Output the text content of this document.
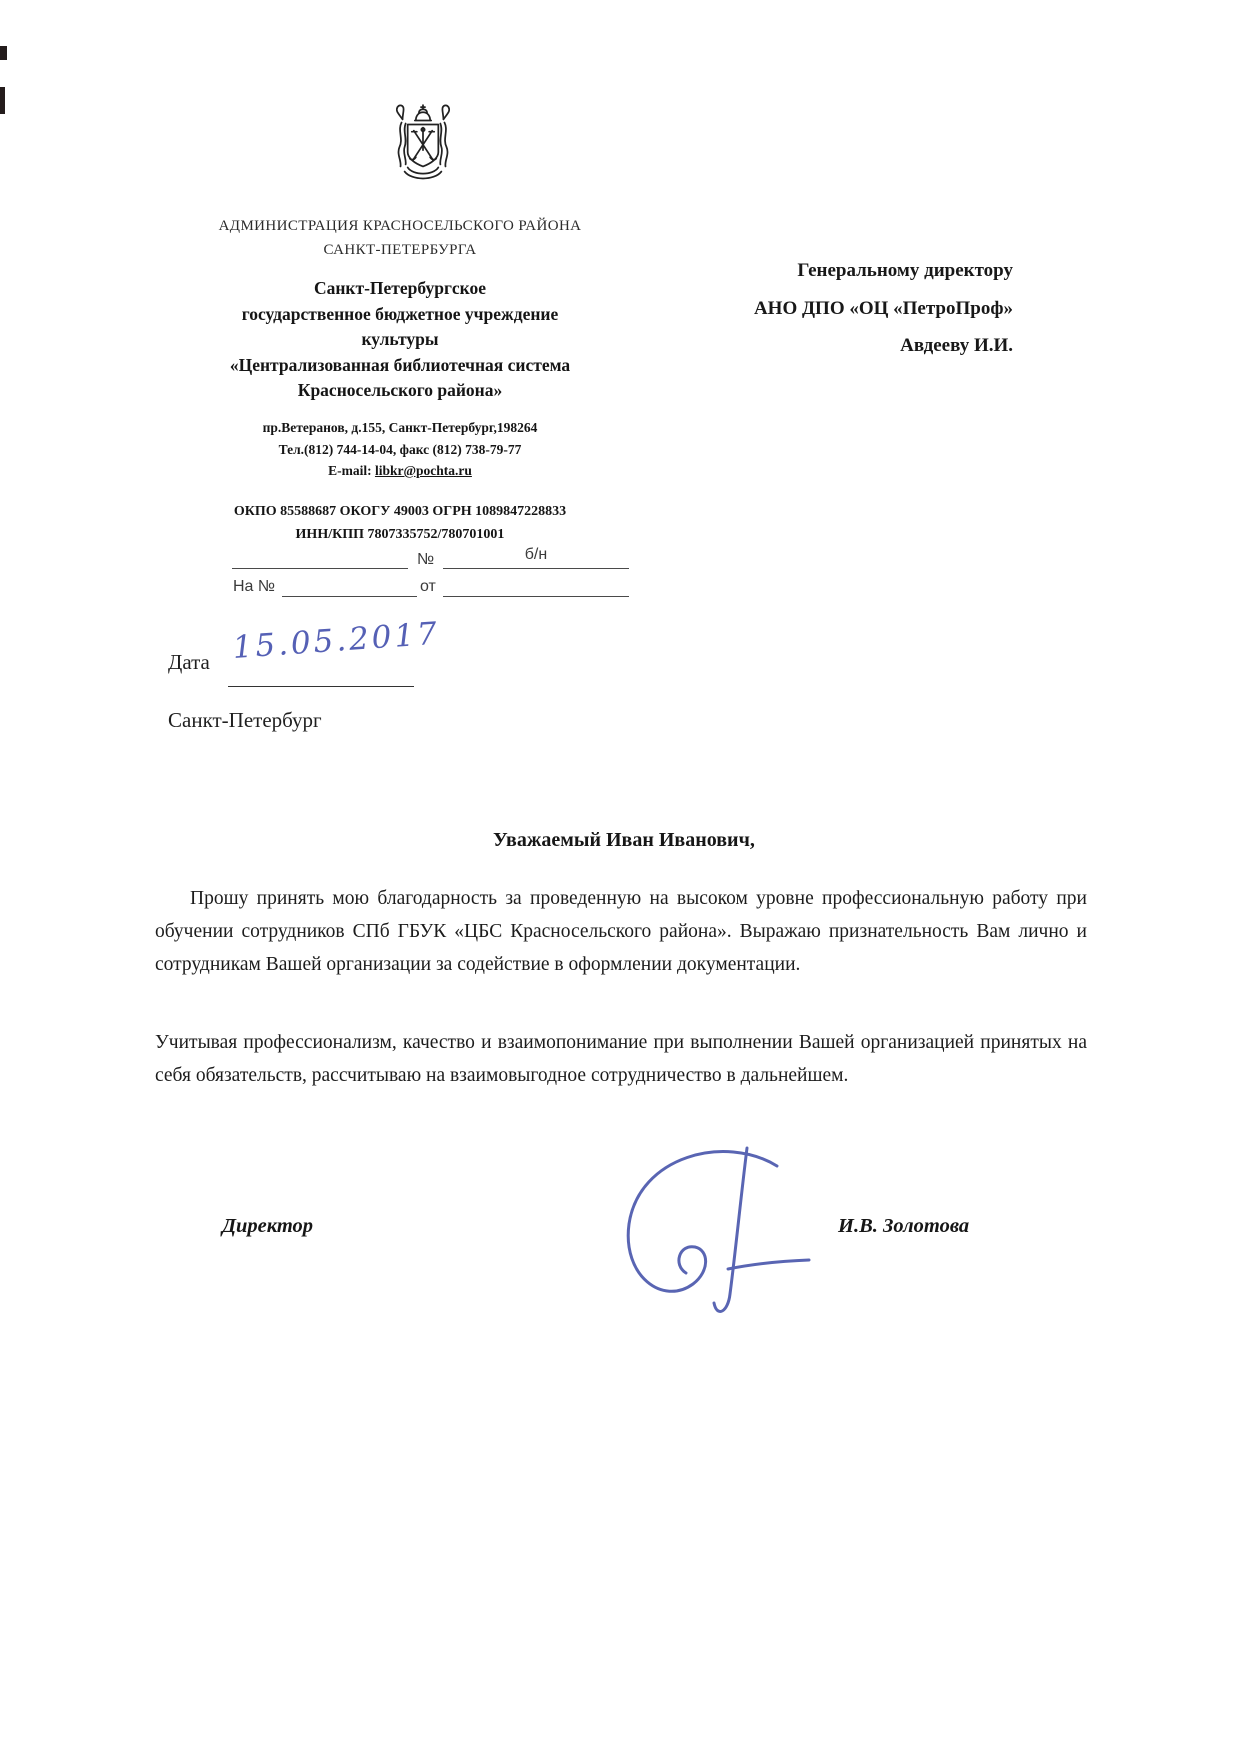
АДМИНИСТРАЦИЯ КРАСНОСЕЛЬСКОГО РАЙОНА
САНКТ-ПЕТЕРБУРГА
Генеральному директору
АНО ДПО «ОЦ «ПетроПроф»
Авдееву И.И.
Санкт-Петербургское
государственное бюджетное учреждение
культуры
«Централизованная библиотечная система
Красносельского района»
пр.Ветеранов, д.155, Санкт-Петербург,198264
Тел.(812) 744-14-04, факс (812) 738-79-77
E-mail: libkr@pochta.ru
ОКПО 85588687 ОКОГУ 49003 ОГРН 1089847228833
ИНН/КПП 7807335752/780701001
№	б/н
На №	от
Дата 15.05.2017
Санкт-Петербург
Уважаемый Иван Иванович,
Прошу принять мою благодарность за проведенную на высоком уровне профессиональную работу при обучении сотрудников СПб ГБУК «ЦБС Красносельского района». Выражаю признательность Вам лично и сотрудникам Вашей организации за содействие в оформлении документации.
Учитывая профессионализм, качество и взаимопонимание при выполнении Вашей организацией принятых на себя обязательств, рассчитываю на взаимовыгодное сотрудничество в дальнейшем.
Директор	И.В. Золотова
